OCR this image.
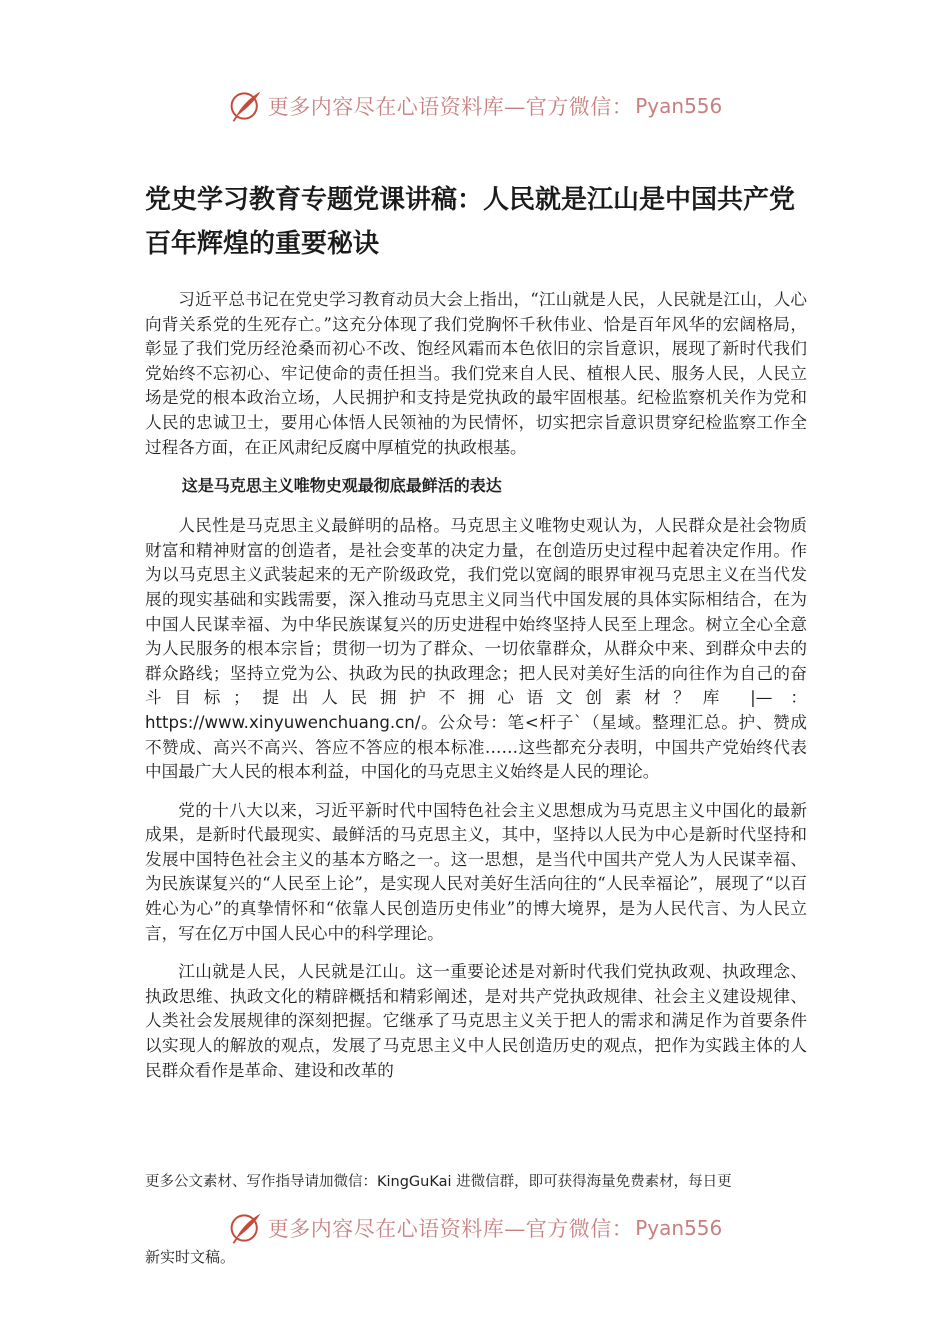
更多内容尽在心语资料库—官方微信： Pyan556
党史学习教育专题党课讲稿：人民就是江山是中国共产党百年辉煌的重要秘诀

习近平总书记在党史学习教育动员大会上指出，“江山就是人民，人民就是江山，人心向背关系党的生死存亡。”这充分体现了我们党胸怀千秋伟业、恰是百年风华的宏阔格局，彰显了我们党历经沧桑而初心不改、饱经风霜而本色依旧的宗旨意识，展现了新时代我们党始终不忘初心、牢记使命的责任担当。我们党来自人民、植根人民、服务人民，人民立场是党的根本政治立场，人民拥护和支持是党执政的最牢固根基。纪检监察机关作为党和人民的忠诚卫士，要用心体悟人民领袖的为民情怀，切实把宗旨意识贯穿纪检监察工作全过程各方面，在正风肃纪反腐中厚植党的执政根基。

这是马克思主义唯物史观最彻底最鲜活的表达

人民性是马克思主义最鲜明的品格。马克思主义唯物史观认为，人民群众是社会物质财富和精神财富的创造者，是社会变革的决定力量，在创造历史过程中起着决定作用。作为以马克思主义武装起来的无产阶级政党，我们党以宽阔的眼界审视马克思主义在当代发展的现实基础和实践需要，深入推动马克思主义同当代中国发展的具体实际相结合，在为中国人民谋幸福、为中华民族谋复兴的历史进程中始终坚持人民至上理念。树立全心全意为人民服务的根本宗旨；贯彻一切为了群众、一切依靠群众，从群众中来、到群众中去的群众路线；坚持立党为公、执政为民的执政理念；把人民对美好生活的向往作为自己的奋斗目标；提出人民拥护不拥心语文创素材？库 |— ： https://www.xinyuwenchuang.cn/。公众号：笔<杆子`（星域。整理汇总。护、赞成不赞成、高兴不高兴、答应不答应的根本标准……这些都充分表明，中国共产党始终代表中国最广大人民的根本利益，中国化的马克思主义始终是人民的理论。

党的十八大以来，习近平新时代中国特色社会主义思想成为马克思主义中国化的最新成果，是新时代最现实、最鲜活的马克思主义，其中，坚持以人民为中心是新时代坚持和发展中国特色社会主义的基本方略之一。这一思想，是当代中国共产党人为人民谋幸福、为民族谋复兴的“人民至上论”，是实现人民对美好生活向往的“人民幸福论”，展现了“以百姓心为心”的真挚情怀和“依靠人民创造历史伟业”的博大境界，是为人民代言、为人民立言，写在亿万中国人民心中的科学理论。

江山就是人民，人民就是江山。这一重要论述是对新时代我们党执政观、执政理念、执政思维、执政文化的精辟概括和精彩阐述，是对共产党执政规律、社会主义建设规律、人类社会发展规律的深刻把握。它继承了马克思主义关于把人的需求和满足作为首要条件以实现人的解放的观点，发展了马克思主义中人民创造历史的观点，把作为实践主体的人民群众看作是革命、建设和改革的

更多公文素材、写作指导请加微信：KingGuKai 进微信群，即可获得海量免费素材，每日更
更多内容尽在心语资料库—官方微信： Pyan556
新实时文稿。
